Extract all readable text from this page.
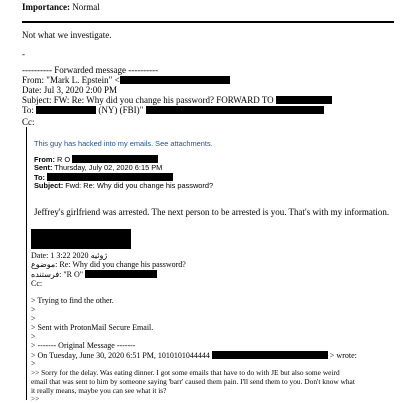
Importance: Normal
Not what we investigate.
-
---------- Forwarded message ----------
From: "Mark L. Epstein" <
Date: Jul 3, 2020 2:00 PM
Subject: FW: Re: Why did you change his password? FORWARD TO
To:	(NY) (FBI)"
Cc:
This guy has hacked into my emails. See attachments.
From: R O
Sent: Thursday, July 02, 2020 6:15 PM
To:
Subject: Fwd: Re: Why did you change his password?
Jeffrey's girlfriend was arrested. The next person to be arrested is you. That's with my information.
Date: 1 3:22 2020 ژوئیه
موضوع: Re: Why did you change his password?
فرستنده: "R O"
Cc:
> Trying to find the other.
>
>
> Sent with ProtonMail Secure Email.
>
> ------- Original Message -------
> On Tuesday, June 30, 2020 6:51 PM, 1010101044444	> wrote:
>
>> Sorry for the delay. Was eating dinner. I got some emails that have to do with JE but also some weird
email that was sent to him by someone saying 'barr' caused them pain. I'll send them to you. Don't know what
it really means, maybe you can see what it is?
>>
